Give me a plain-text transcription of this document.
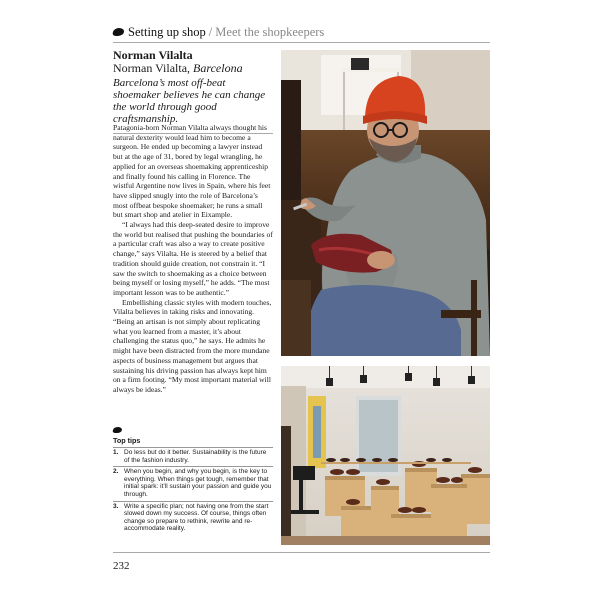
Setting up shop / Meet the shopkeepers

Norman Vilalta

Norman Vilalta, Barcelona

Barcelona’s most off-beat shoemaker believes he can change the world through good craftsmanship.

Patagonia-born Norman Vilalta always thought his natural dexterity would lead him to become a surgeon. He ended up becoming a lawyer instead but at the age of 31, bored by legal wrangling, he applied for an overseas shoemaking apprenticeship and finally found his calling in Florence. The wistful Argentine now lives in Spain, where his feet have slipped snugly into the role of Barcelona’s most offbeat bespoke shoemaker; he runs a small but smart shop and atelier in Eixample.

“I always had this deep-seated desire to improve the world but realised that pushing the boundaries of a particular craft was also a way to create positive change,” says Vilalta. He is steered by a belief that tradition should guide creation, not constrain it. “I saw the switch to shoemaking as a choice between being myself or losing myself,” he adds. “The most important lesson was to be authentic.”

Embellishing classic styles with modern touches, Vilalta believes in taking risks and innovating. “Being an artisan is not simply about replicating what you learned from a master, it’s about challenging the status quo,” he says. He admits he might have been distracted from the more mundane aspects of business management but argues that sustaining his driving passion has always kept him on a firm footing. “My most important material will always be ideas.”

Top tips
1. Do less but do it better. Sustainability is the future of the fashion industry.
2. When you begin, and why you begin, is the key to everything. When things get tough, remember that initial spark: it’ll sustain your passion and guide you through.
3. Write a specific plan; not having one from the start slowed down my success. Of course, things often change so prepare to rethink, rewrite and re-accommodate reality.
232
